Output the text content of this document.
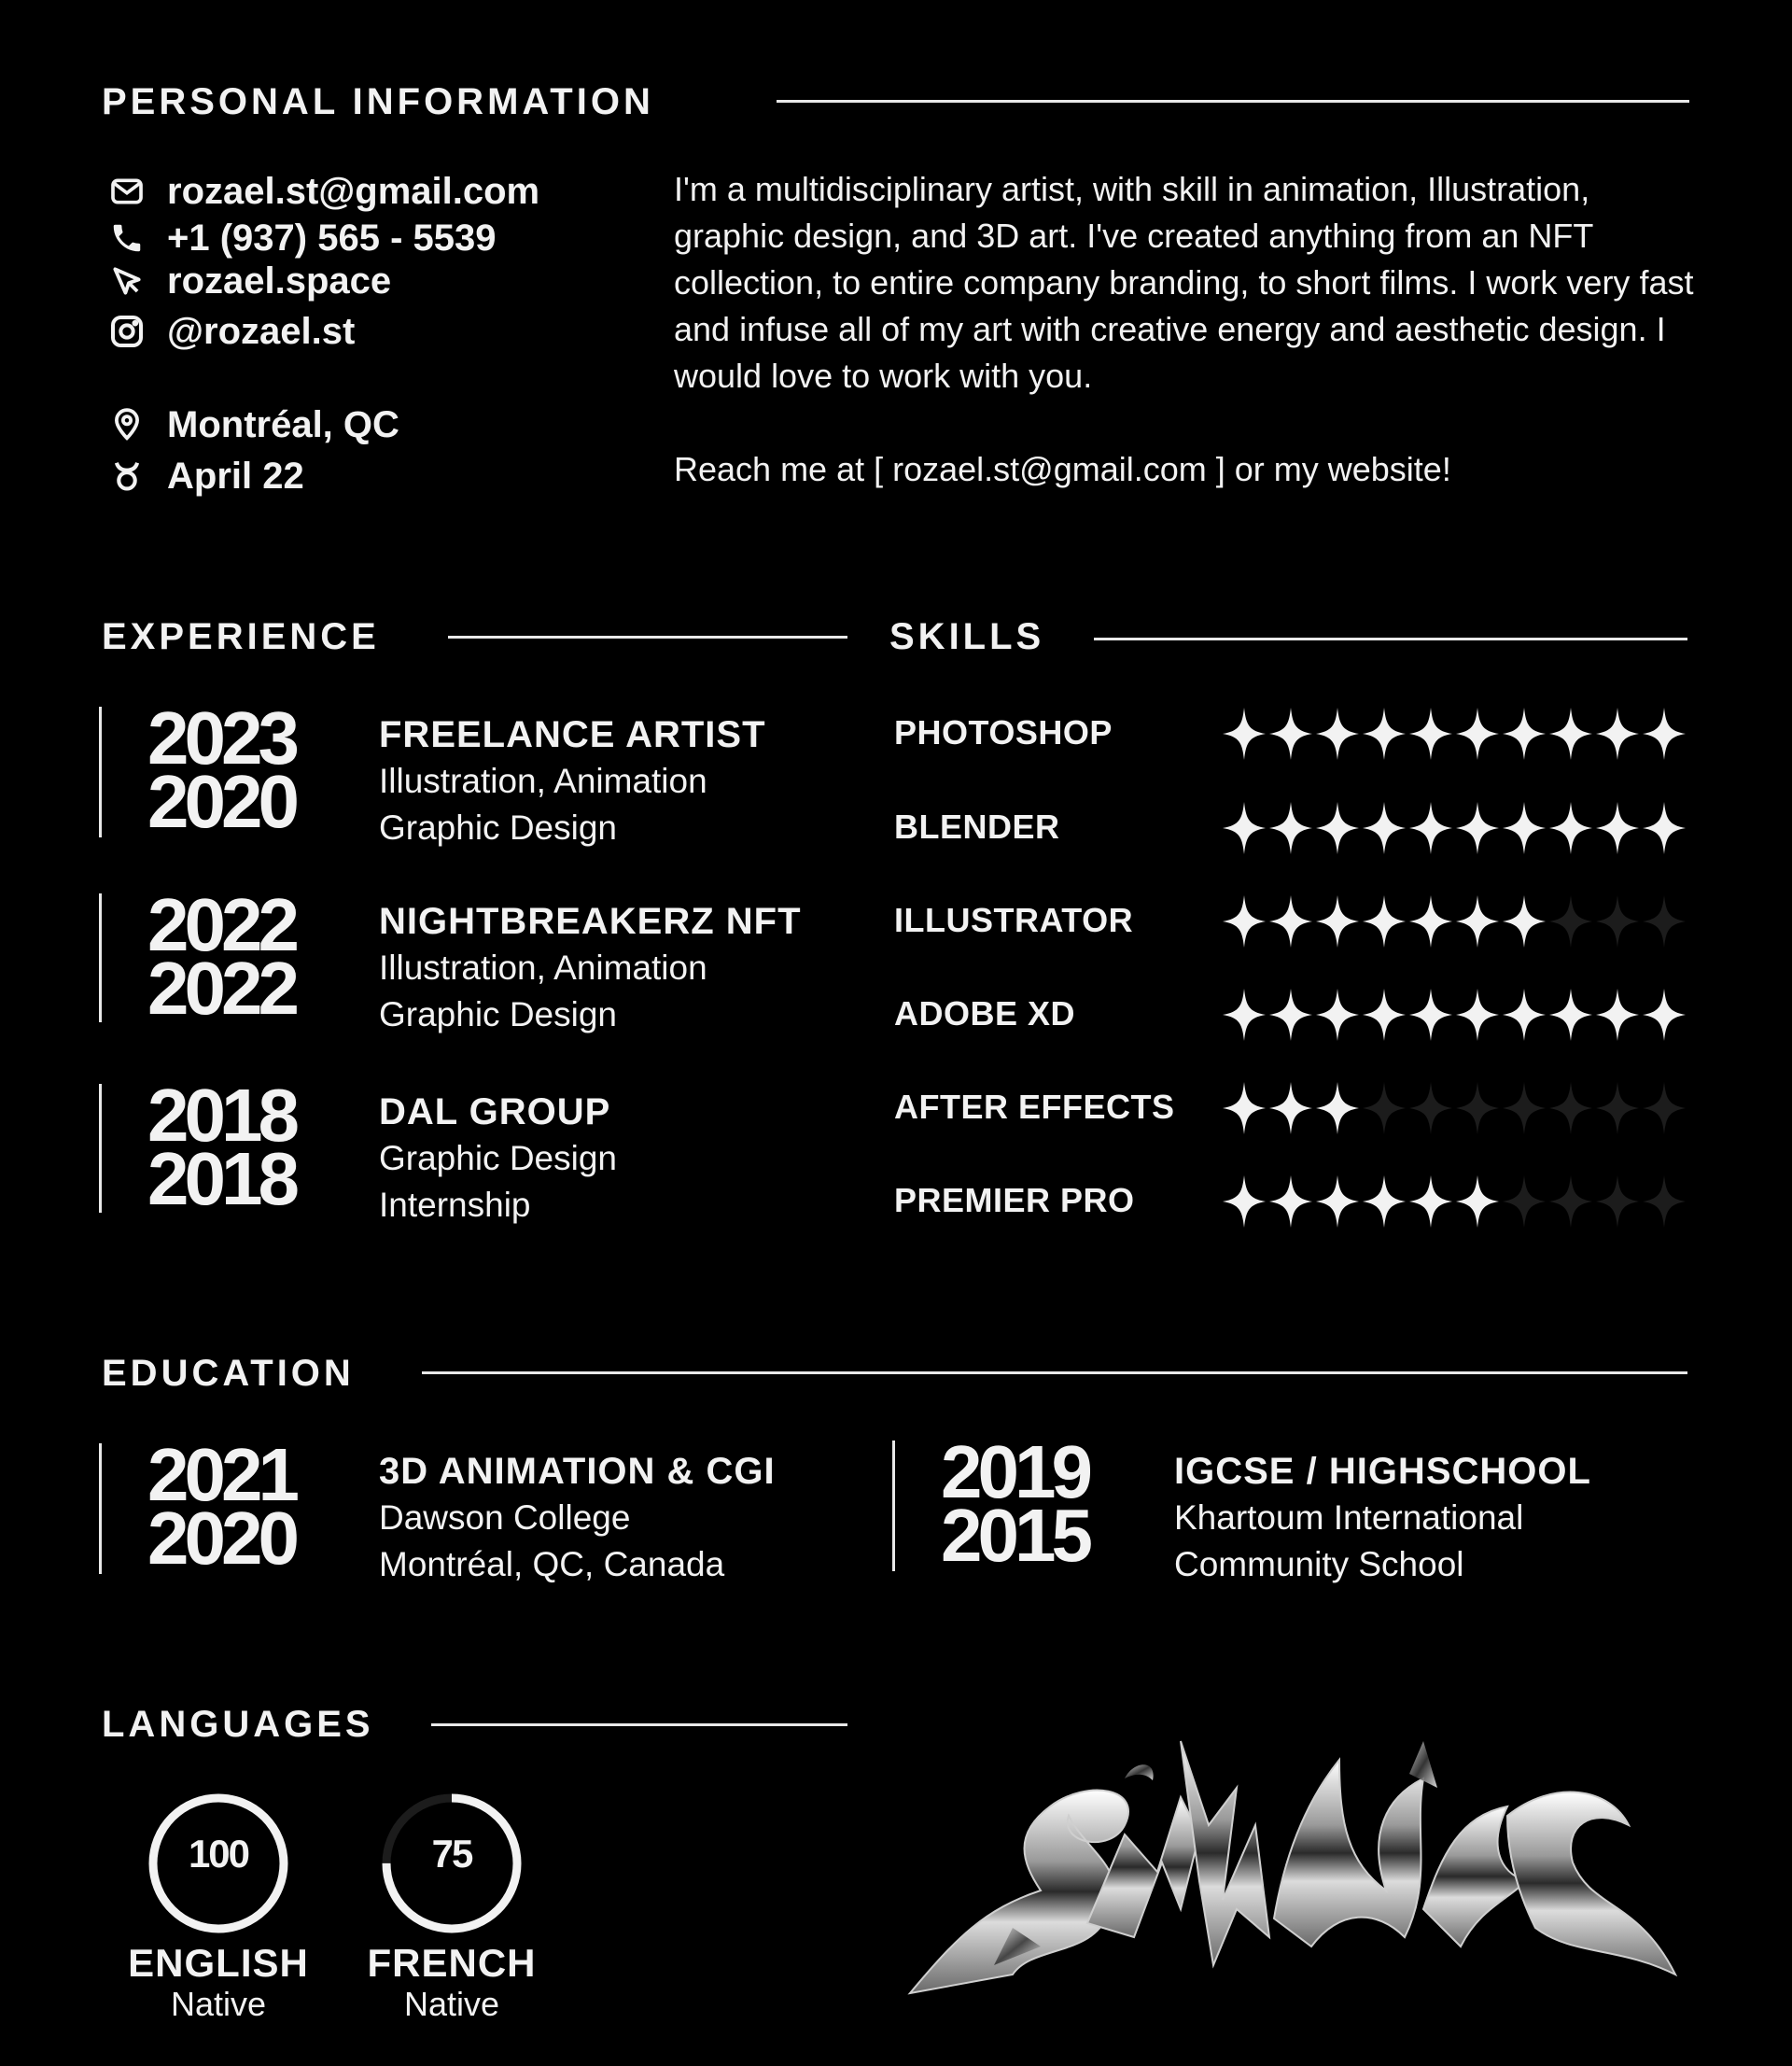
PERSONAL INFORMATION
rozael.st@gmail.com
+1 (937) 565 - 5539
rozael.space
@rozael.st
Montréal, QC
April 22

I'm a multidisciplinary artist, with skill in animation, Illustration, graphic design, and 3D art. I've created anything from an NFT collection, to entire company branding, to short films. I work very fast and infuse all of my art with creative energy and aesthetic design. I would love to work with you.

Reach me at [ rozael.st@gmail.com ] or my website!

EXPERIENCE
2023
2020
FREELANCE ARTIST
Illustration, Animation
Graphic Design
2022
2022
NIGHTBREAKERZ NFT
Illustration, Animation
Graphic Design
2018
2018
DAL GROUP
Graphic Design
Internship
SKILLS
PHOTOSHOP
BLENDER
ILLUSTRATOR
ADOBE XD
AFTER EFFECTS
PREMIER PRO
EDUCATION
2021
2020
3D ANIMATION & CGI
Dawson College
Montréal, QC, Canada
2019
2015
IGCSE / HIGHSCHOOL
Khartoum International
Community School
LANGUAGES
100
ENGLISH
Native
75
FRENCH
Native
